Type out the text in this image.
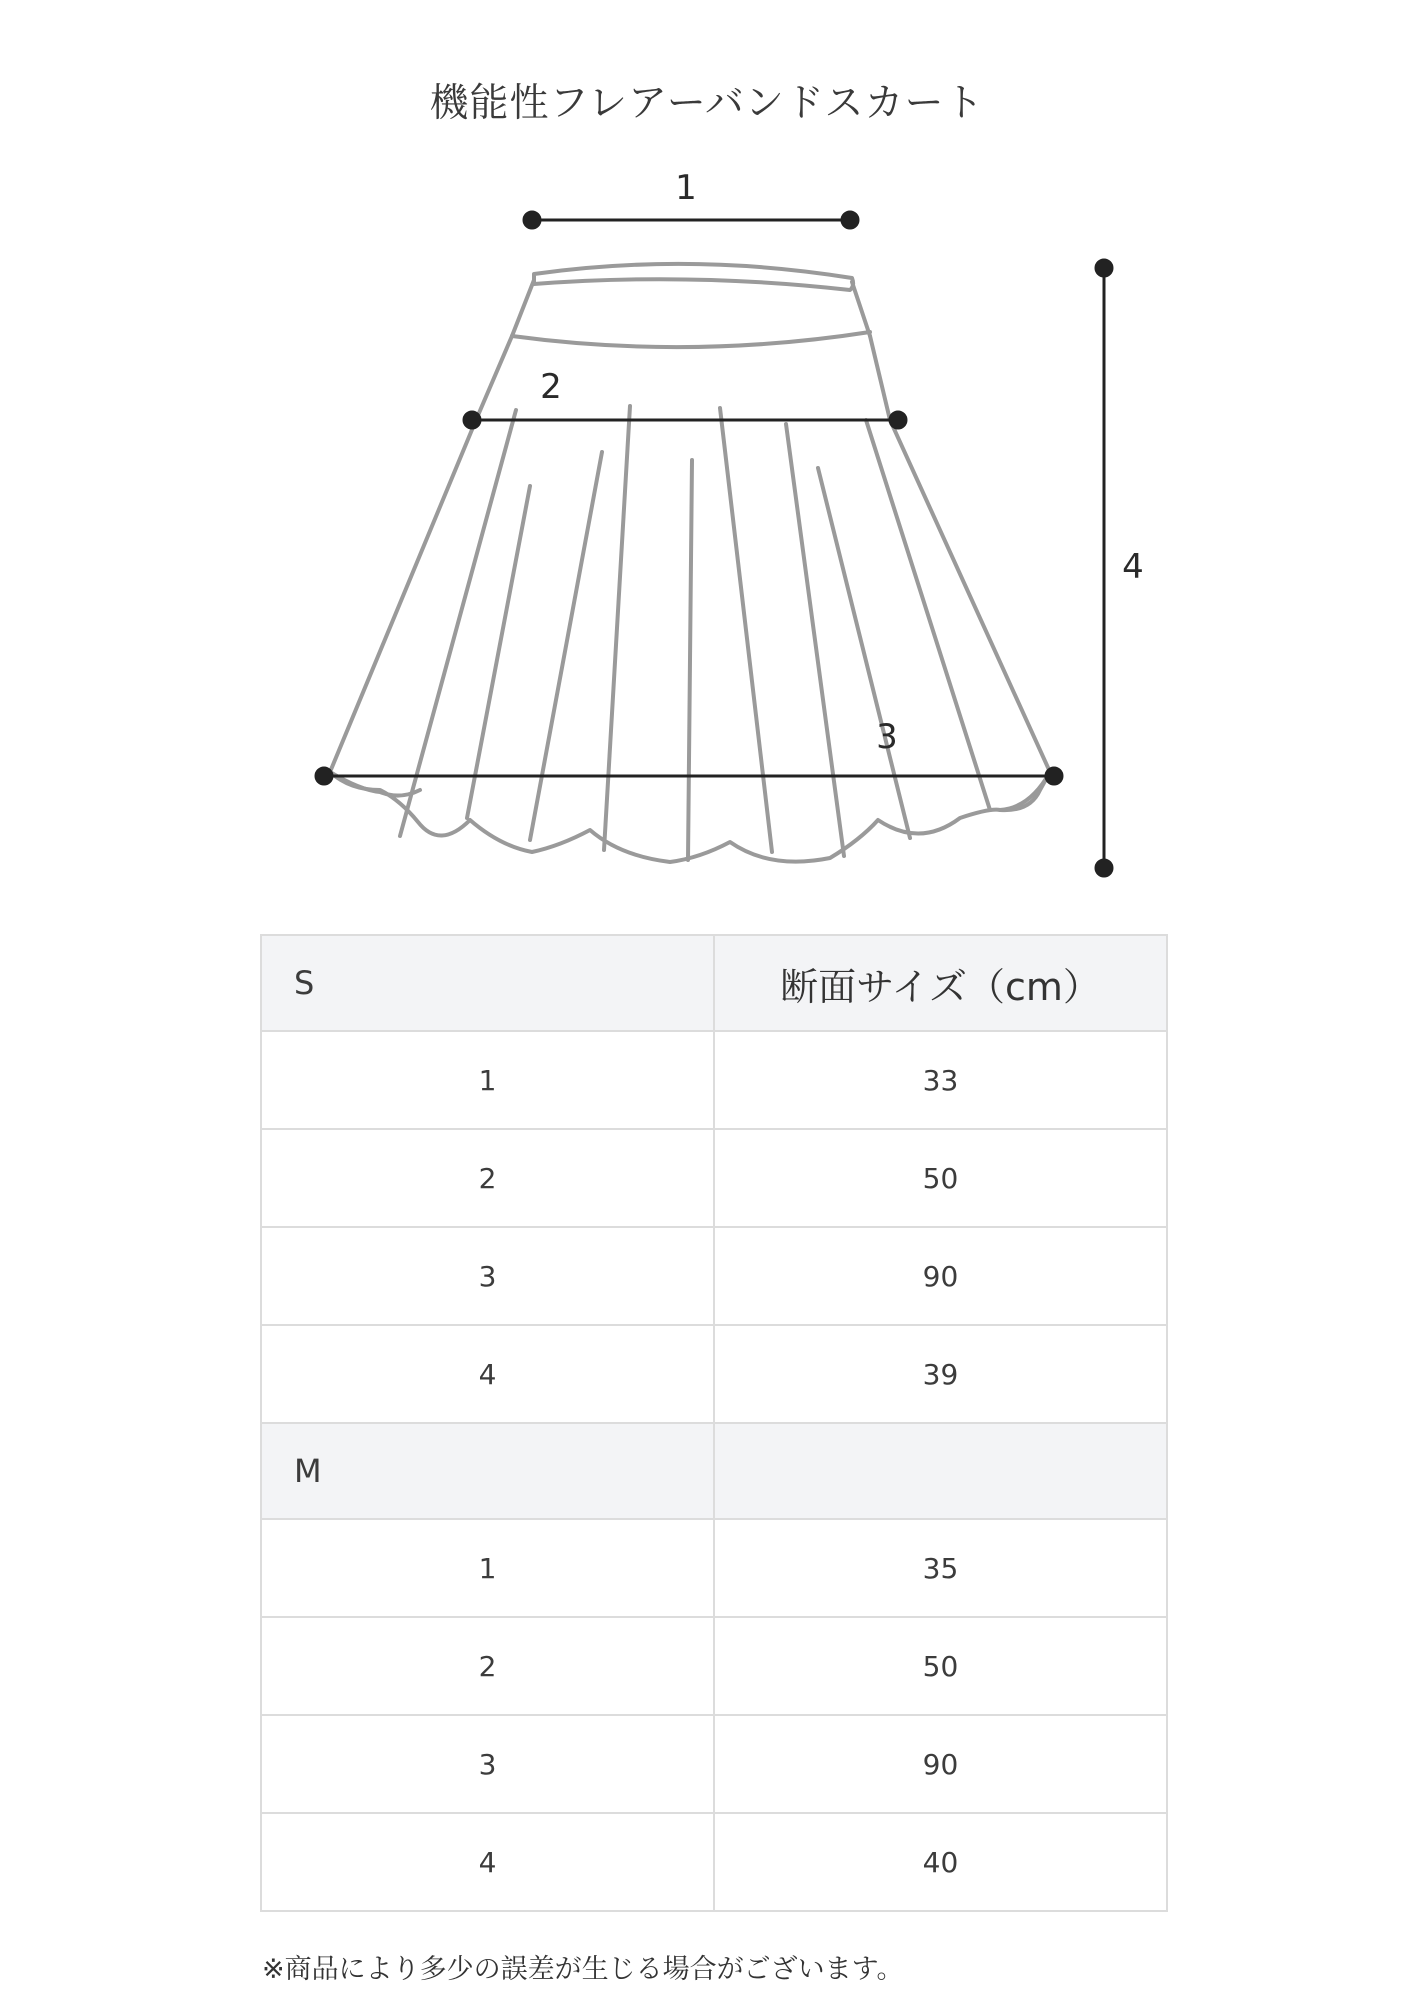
機能性フレアーバンドスカート
1
2
3
4
S	断面サイズ（cm）
1	33
2	50
3	90
4	39
M	
1	35
2	50
3	90
4	40
※商品により多少の誤差が生じる場合がございます。
